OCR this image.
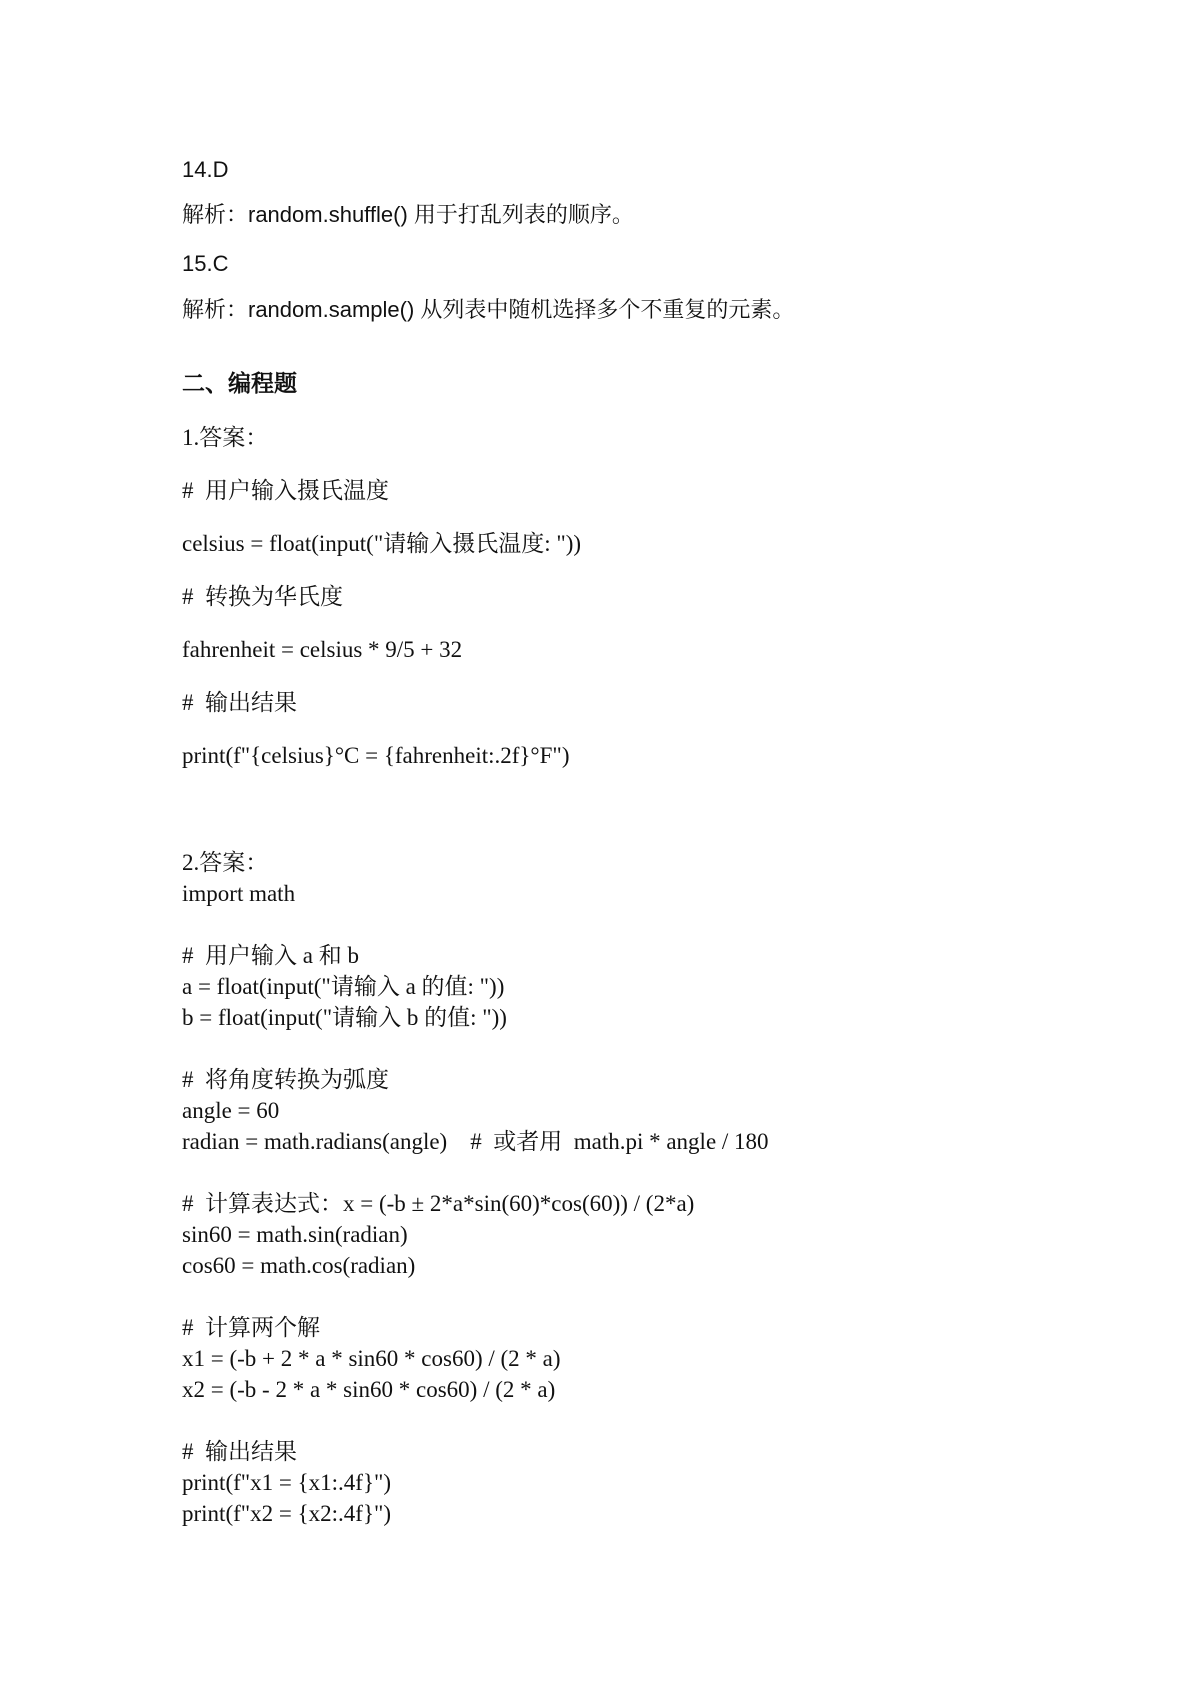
14.D
解析：random.shuffle() 用于打乱列表的顺序。
15.C
解析：random.sample() 从列表中随机选择多个不重复的元素。
二、编程题
1.答案：
#  用户输入摄氏温度
celsius = float(input("请输入摄氏温度: "))
#  转换为华氏度
fahrenheit = celsius * 9/5 + 32
#  输出结果
print(f"{celsius}°C = {fahrenheit:.2f}°F")
2.答案：
import math
#  用户输入 a 和 b
a = float(input("请输入 a 的值: "))
b = float(input("请输入 b 的值: "))
#  将角度转换为弧度
angle = 60
radian = math.radians(angle)    #  或者用  math.pi * angle / 180
#  计算表达式：x = (-b ± 2*a*sin(60)*cos(60)) / (2*a)
sin60 = math.sin(radian)
cos60 = math.cos(radian)
#  计算两个解
x1 = (-b + 2 * a * sin60 * cos60) / (2 * a)
x2 = (-b - 2 * a * sin60 * cos60) / (2 * a)
#  输出结果
print(f"x1 = {x1:.4f}")
print(f"x2 = {x2:.4f}")
